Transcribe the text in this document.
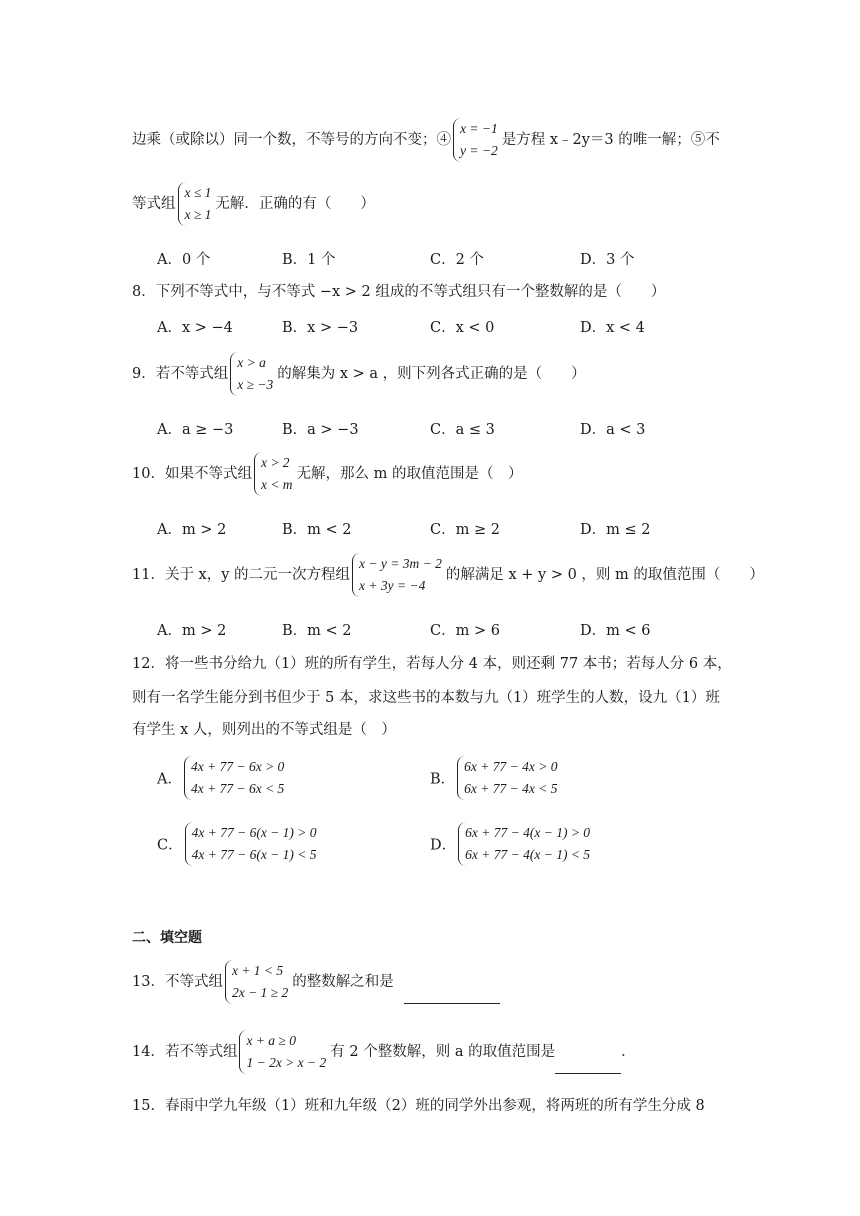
边乘（或除以）同一个数，不等号的方向不变；④
x = −1
y = −2
是方程 x﹣2y＝3 的唯一解；⑤不
等式组
x ≤ 1
x ≥ 1
无解．正确的有（　　）
A．0 个	B．1 个	C．2 个	D．3 个
8．下列不等式中，与不等式 −x > 2 组成的不等式组只有一个整数解的是（　　）
A．x > −4	B．x > −3	C．x < 0	D．x < 4
9．若不等式组
x > a
x ≥ −3
的解集为 x > a ，则下列各式正确的是（　　）
A．a ≥ −3	B．a > −3	C．a ≤ 3	D．a < 3
10．如果不等式组
x > 2
x < m
无解，那么 m 的取值范围是（　）
A．m > 2	B．m < 2	C．m ≥ 2	D．m ≤ 2
11．关于 x，y 的二元一次方程组
x − y = 3m − 2
x + 3y = −4
的解满足 x + y > 0 ，则 m 的取值范围（　　）
A．m > 2	B．m < 2	C．m > 6	D．m < 6
12．将一些书分给九（1）班的所有学生，若每人分 4 本，则还剩 77 本书；若每人分 6 本，
则有一名学生能分到书但少于 5 本，求这些书的本数与九（1）班学生的人数，设九（1）班
有学生 x 人，则列出的不等式组是（　）
A．
4x + 77 − 6x > 0
4x + 77 − 6x < 5
B．
6x + 77 − 4x > 0
6x + 77 − 4x < 5
C．
4x + 77 − 6(x − 1) > 0
4x + 77 − 6(x − 1) < 5
D．
6x + 77 − 4(x − 1) > 0
6x + 77 − 4(x − 1) < 5
二、填空题
13．不等式组
x + 1 < 5
2x − 1 ≥ 2
的整数解之和是
14．若不等式组
x + a ≥ 0
1 − 2x > x − 2
有 2 个整数解，则 a 的取值范围是	．
15．春雨中学九年级（1）班和九年级（2）班的同学外出参观，将两班的所有学生分成 8
